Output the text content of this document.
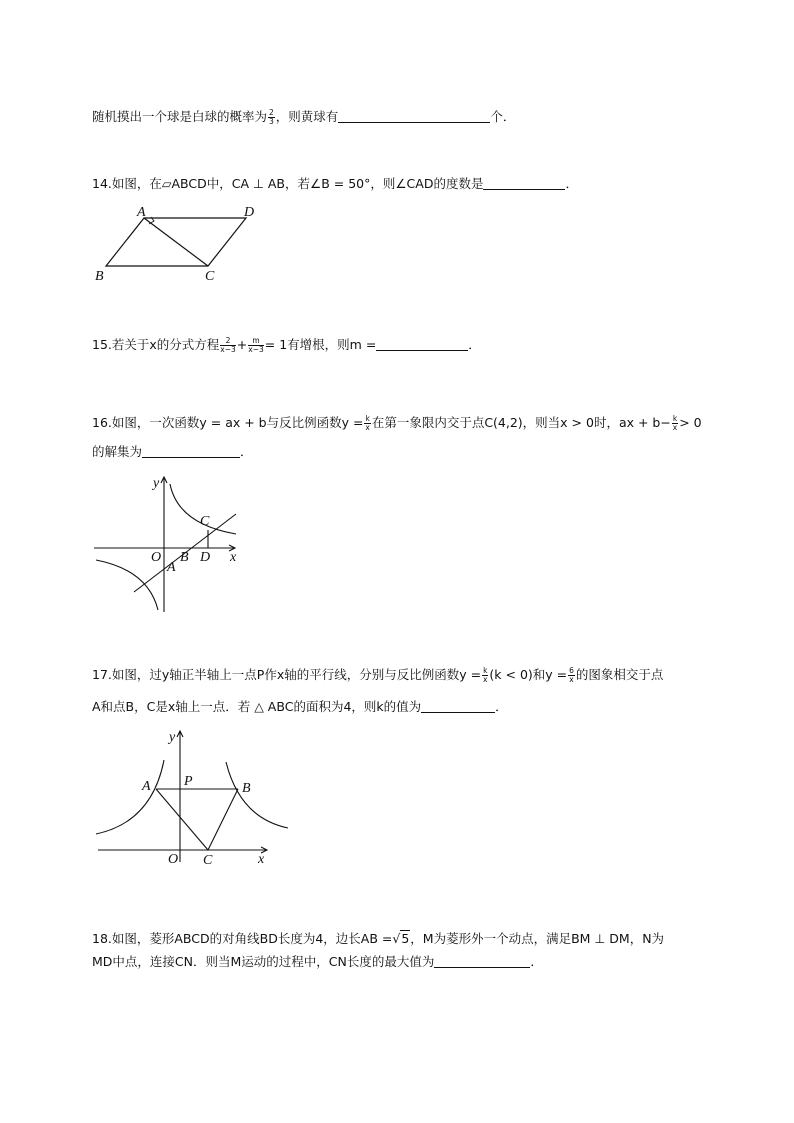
随机摸出一个球是白球的概率为 $\frac{2}{3}$ ，则黄球有	个．
14.如图，在▱ABCD中，CA ⊥ AB，若∠B = 50°，则∠CAD的度数是	．
A	D
B	C
15.若关于x的分式方程 $\frac{2}{x-3} + \frac{m}{x-3} = 1$有增根，则m =	．
16.如图，一次函数y = ax + b与反比例函数$y = \frac{k}{x}$ 在第一象限内交于点C(4,2)，则当x > 0时，ax + $b- \frac{k}{x} > 0$
的解集为	．
y
x
O B D
A
C
17.如图，过y轴正半轴上一点P作x轴的平行线，分别与反比例函数$y = \frac{k}{x} (k < 0)$和$y = \frac{6}{x}$ 的图象相交于点
A和点B，C是x轴上一点．若 △ ABC的面积为4，则k的值为	．
y
x
O C
A	B
P
18.如图，菱形ABCD的对角线BD长度为4，边长AB =√5，M为菱形外一个动点，满足BM ⊥ DM，N为
MD中点，连接CN．则当M运动的过程中，CN长度的最大值为	．
